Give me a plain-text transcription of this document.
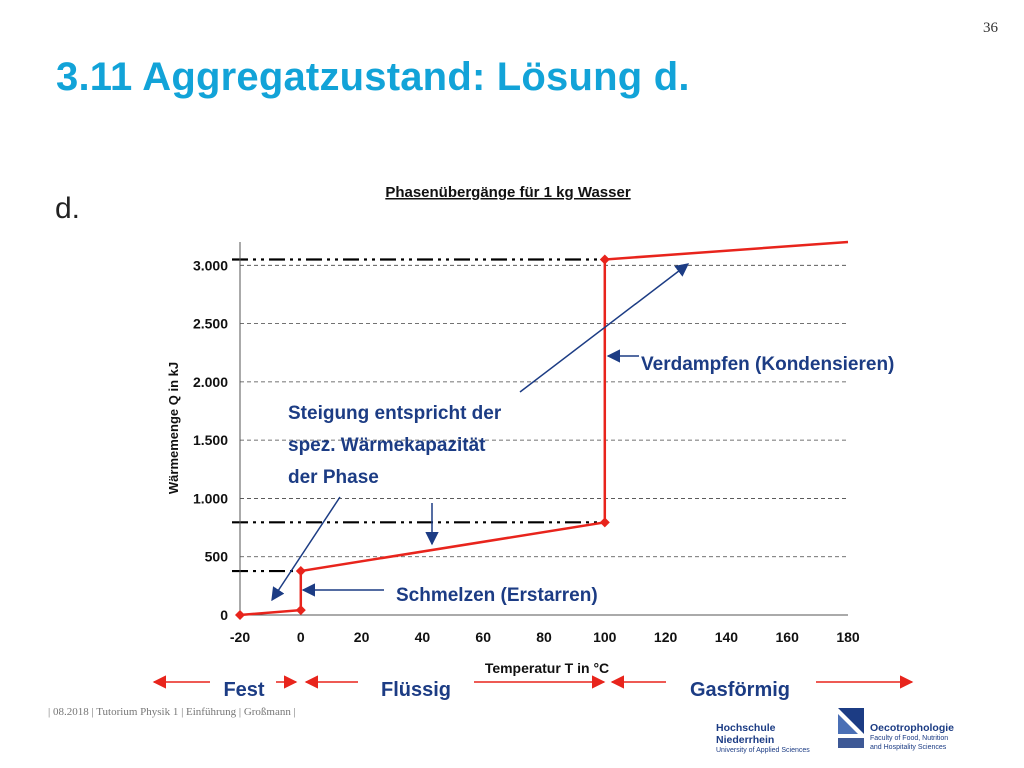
36
3.11 Aggregatzustand: Lösung d.
d.	Phasenübergänge für 1 kg Wasser
0
500
1.000
1.500
2.000
2.500
3.000
-20	0	20	40	60	80	100	120	140	160	180
Wärmemenge Q in kJ
Temperatur T in °C
Verdampfen (Kondensieren)
Steigung entspricht der
spez. Wärmekapazität
der Phase
Schmelzen (Erstarren)
Fest	Flüssig	Gasförmig
| 08.2018 | Tutorium Physik 1 | Einführung | Großmann |
Hochschule Niederrhein
University of Applied Sciences
Oecotrophologie
Faculty of Food, Nutrition
and Hospitality Sciences
